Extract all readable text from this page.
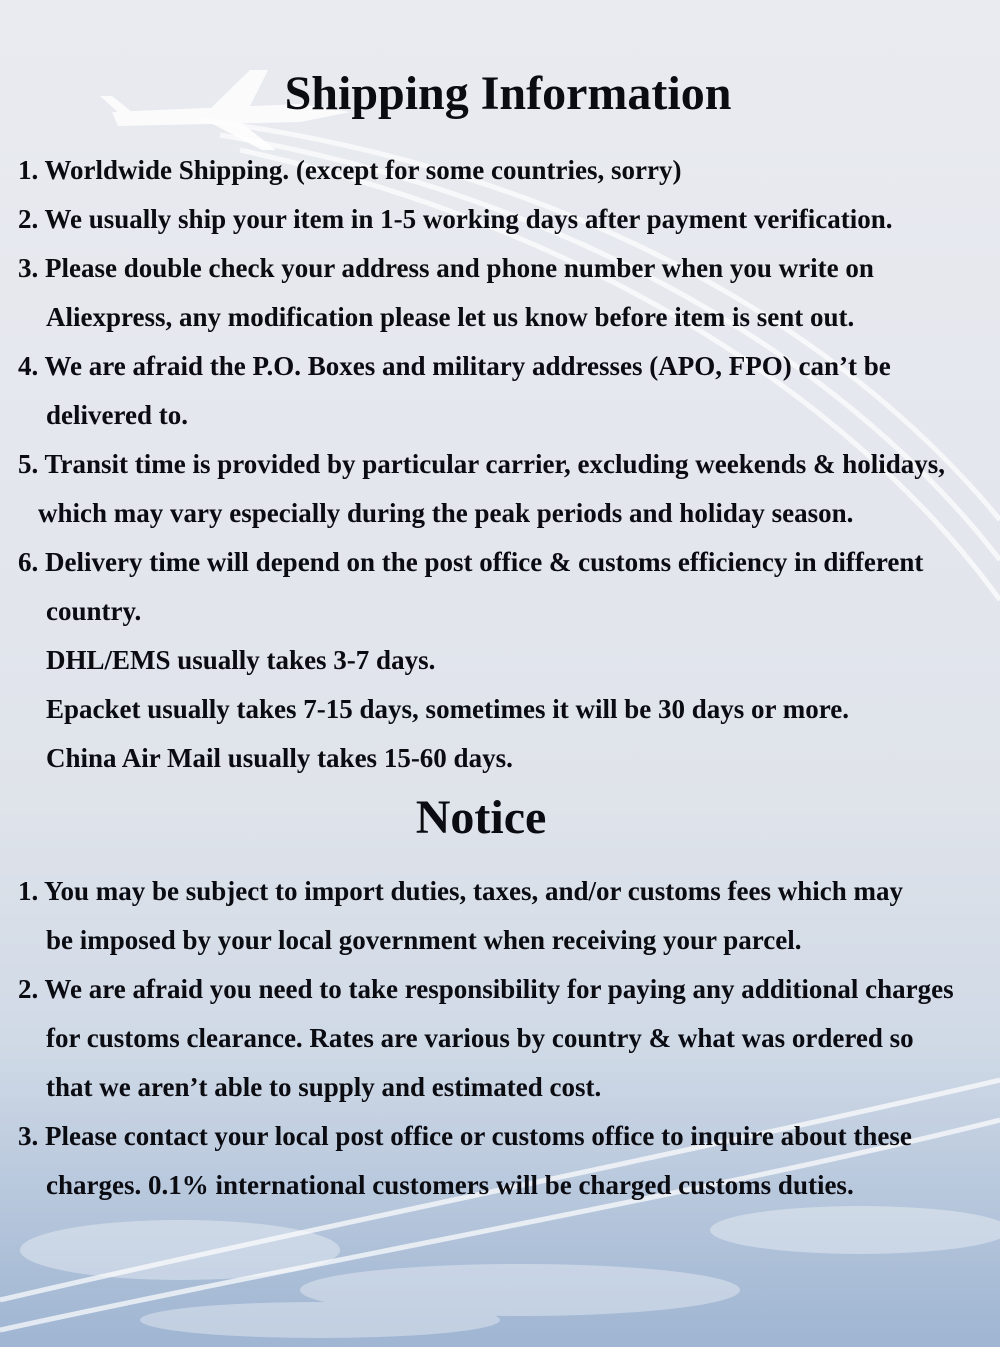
Shipping Information
1. Worldwide Shipping. (except for some countries, sorry)
2. We usually ship your item in 1-5 working days after payment verification.
3. Please double check your address and phone number when you write on
Aliexpress, any modification please let us know before item is sent out.
4. We are afraid the P.O. Boxes and military addresses (APO, FPO) can’t be
delivered to.
5. Transit time is provided by particular carrier, excluding weekends & holidays,
which may vary especially during the peak periods and holiday season.
6. Delivery time will depend on the post office & customs efficiency in different
country.
DHL/EMS usually takes 3-7 days.
Epacket usually takes 7-15 days, sometimes it will be 30 days or more.
China Air Mail usually takes 15-60 days.
Notice
1. You may be subject to import duties, taxes, and/or customs fees which may
be imposed by your local government when receiving your parcel.
2. We are afraid you need to take responsibility for paying any additional charges
for customs clearance. Rates are various by country & what was ordered so
that we aren’t able to supply and estimated cost.
3. Please contact your local post office or customs office to inquire about these
charges. 0.1% international customers will be charged customs duties.
